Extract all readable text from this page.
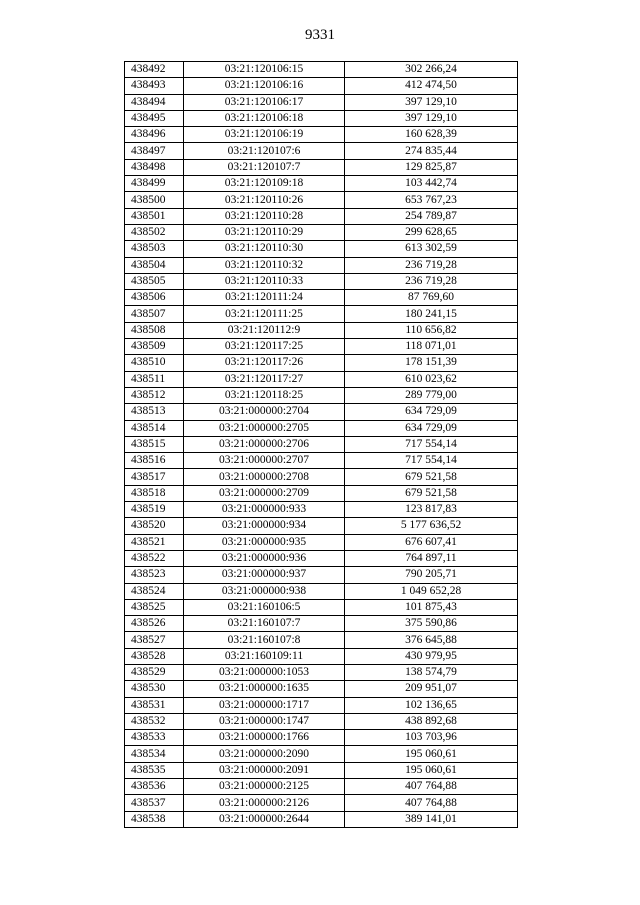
9331
438492	03:21:120106:15	302 266,24
438493	03:21:120106:16	412 474,50
438494	03:21:120106:17	397 129,10
438495	03:21:120106:18	397 129,10
438496	03:21:120106:19	160 628,39
438497	03:21:120107:6	274 835,44
438498	03:21:120107:7	129 825,87
438499	03:21:120109:18	103 442,74
438500	03:21:120110:26	653 767,23
438501	03:21:120110:28	254 789,87
438502	03:21:120110:29	299 628,65
438503	03:21:120110:30	613 302,59
438504	03:21:120110:32	236 719,28
438505	03:21:120110:33	236 719,28
438506	03:21:120111:24	87 769,60
438507	03:21:120111:25	180 241,15
438508	03:21:120112:9	110 656,82
438509	03:21:120117:25	118 071,01
438510	03:21:120117:26	178 151,39
438511	03:21:120117:27	610 023,62
438512	03:21:120118:25	289 779,00
438513	03:21:000000:2704	634 729,09
438514	03:21:000000:2705	634 729,09
438515	03:21:000000:2706	717 554,14
438516	03:21:000000:2707	717 554,14
438517	03:21:000000:2708	679 521,58
438518	03:21:000000:2709	679 521,58
438519	03:21:000000:933	123 817,83
438520	03:21:000000:934	5 177 636,52
438521	03:21:000000:935	676 607,41
438522	03:21:000000:936	764 897,11
438523	03:21:000000:937	790 205,71
438524	03:21:000000:938	1 049 652,28
438525	03:21:160106:5	101 875,43
438526	03:21:160107:7	375 590,86
438527	03:21:160107:8	376 645,88
438528	03:21:160109:11	430 979,95
438529	03:21:000000:1053	138 574,79
438530	03:21:000000:1635	209 951,07
438531	03:21:000000:1717	102 136,65
438532	03:21:000000:1747	438 892,68
438533	03:21:000000:1766	103 703,96
438534	03:21:000000:2090	195 060,61
438535	03:21:000000:2091	195 060,61
438536	03:21:000000:2125	407 764,88
438537	03:21:000000:2126	407 764,88
438538	03:21:000000:2644	389 141,01
